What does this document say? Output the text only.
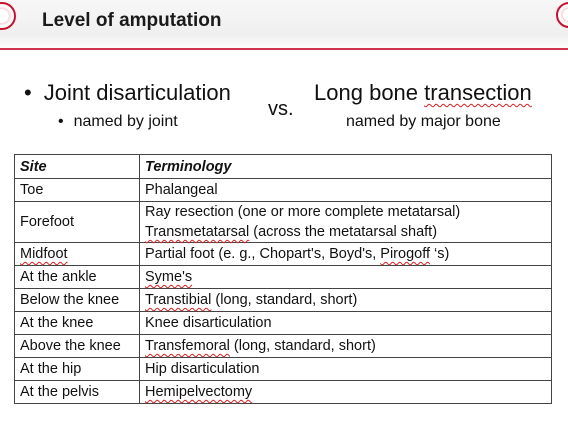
Level of amputation
• Joint disarticulation
• named by joint
vs.
Long bone transection
named by major bone
Site	Terminology
Toe	Phalangeal
Forefoot	Ray resection (one or more complete metatarsal)
Transmetatarsal (across the metatarsal shaft)

Midfoot	Partial foot (e. g., Chopart's, Boyd's, Pirogoff ‘s)
At the ankle	Syme's
Below the knee	Transtibial (long, standard, short)
At the knee	Knee disarticulation
Above the knee	Transfemoral (long, standard, short)
At the hip	Hip disarticulation
At the pelvis	Hemipelvectomy
